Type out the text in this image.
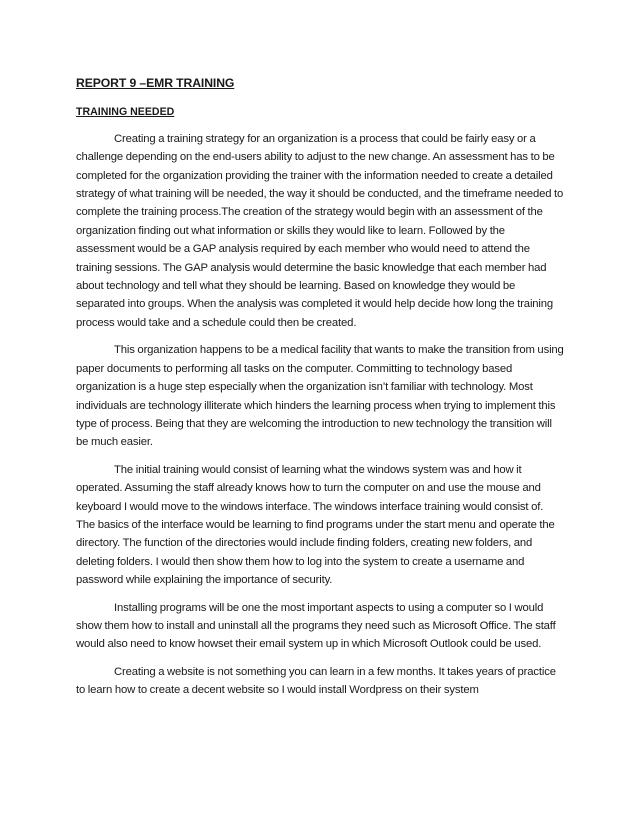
REPORT 9 –EMR TRAINING
TRAINING NEEDED

Creating a training strategy for an organization is a process that could be fairly easy or a challenge depending on the end-users ability to adjust to the new change. An assessment has to be completed for the organization providing the trainer with the information needed to create a detailed strategy of what training will be needed, the way it should be conducted, and the timeframe needed to complete the training process.The creation of the strategy would begin with an assessment of the organization finding out what information or skills they would like to learn. Followed by the assessment would be a GAP analysis required by each member who would need to attend the training sessions. The GAP analysis would determine the basic knowledge that each member had about technology and tell what they should be learning. Based on knowledge they would be separated into groups. When the analysis was completed it would help decide how long the training process would take and a schedule could then be created.

This organization happens to be a medical facility that wants to make the transition from using paper documents to performing all tasks on the computer. Committing to technology based organization is a huge step especially when the organization isn’t familiar with technology. Most individuals are technology illiterate which hinders the learning process when trying to implement this type of process. Being that they are welcoming the introduction to new technology the transition will be much easier.

The initial training would consist of learning what the windows system was and how it operated. Assuming the staff already knows how to turn the computer on and use the mouse and keyboard I would move to the windows interface. The windows interface training would consist of. The basics of the interface would be learning to find programs under the start menu and operate the directory. The function of the directories would include finding folders, creating new folders, and deleting folders. I would then show them how to log into the system to create a username and password while explaining the importance of security.

Installing programs will be one the most important aspects to using a computer so I would show them how to install and uninstall all the programs they need such as Microsoft Office. The staff would also need to know howset their email system up in which Microsoft Outlook could be used.

Creating a website is not something you can learn in a few months. It takes years of practice to learn how to create a decent website so I would install Wordpress on their system
